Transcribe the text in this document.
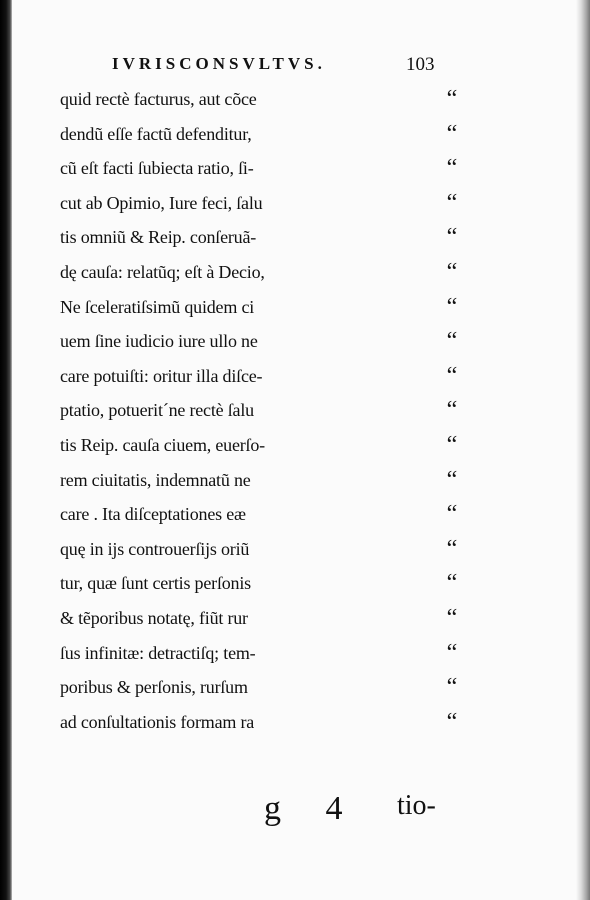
IVRISCONSVLTVS.	103
quid rectè facturus, aut cõce
dendũ eſſe factũ defenditur,
cũ eſt facti ſubiecta ratio, ſi-
cut ab Opimio, Iure feci, ſalu
tis omniũ & Reip. conſeruã-
dę cauſa: relatũq; eſt à Decio,
Ne ſceleratiſsimũ quidem ci
uem ſine iudicio iure ullo ne
care potuiſti: oritur illa diſce-
ptatio, potuerit´ne rectè ſalu
tis Reip. cauſa ciuem, euerſo-
rem ciuitatis, indemnatũ ne
care . Ita diſceptationes eæ
quę in ijs controuerſijs oriũ
tur, quæ ſunt certis perſonis
& tẽporibus notatę, fiũt rur
ſus infinitæ: detractiſq; tem-
poribus & perſonis, rurſum
ad conſultationis formam ra
“
“
“
“
“
“
“
“
“
“
“
“
“
“
“
“
“
“
“
g 4 tio-
